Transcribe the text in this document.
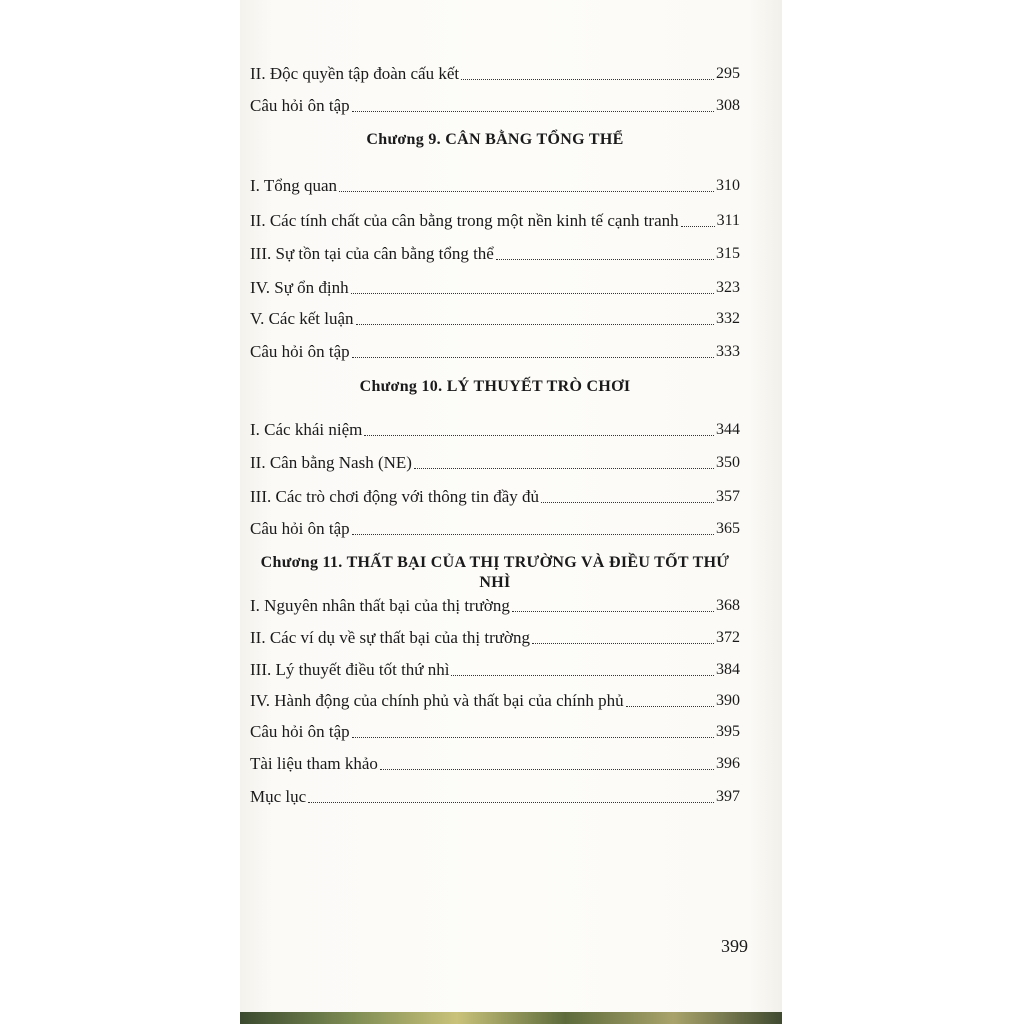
II. Độc quyền tập đoàn cấu kết	295
Câu hỏi ôn tập	308
Chương 9. CÂN BẰNG TỔNG THỂ
I. Tổng quan	310
II. Các tính chất của cân bằng trong một nền kinh tế cạnh tranh 311
III. Sự tồn tại của cân bằng tổng thể	315
IV. Sự ổn định	323
V. Các kết luận	332
Câu hỏi ôn tập	333
Chương 10. LÝ THUYẾT TRÒ CHƠI
I. Các khái niệm	344
II. Cân bằng Nash (NE)	350
III. Các trò chơi động với thông tin đầy đủ	357
Câu hỏi ôn tập	365
Chương 11. THẤT BẠI CỦA THỊ TRƯỜNG VÀ ĐIỀU TỐT THỨ NHÌ
I. Nguyên nhân thất bại của thị trường	368
II. Các ví dụ về sự thất bại của thị trường	372
III. Lý thuyết điều tốt thứ nhì	384
IV. Hành động của chính phủ và thất bại của chính phủ	390
Câu hỏi ôn tập	395
Tài liệu tham khảo	396
Mục lục	397
399
